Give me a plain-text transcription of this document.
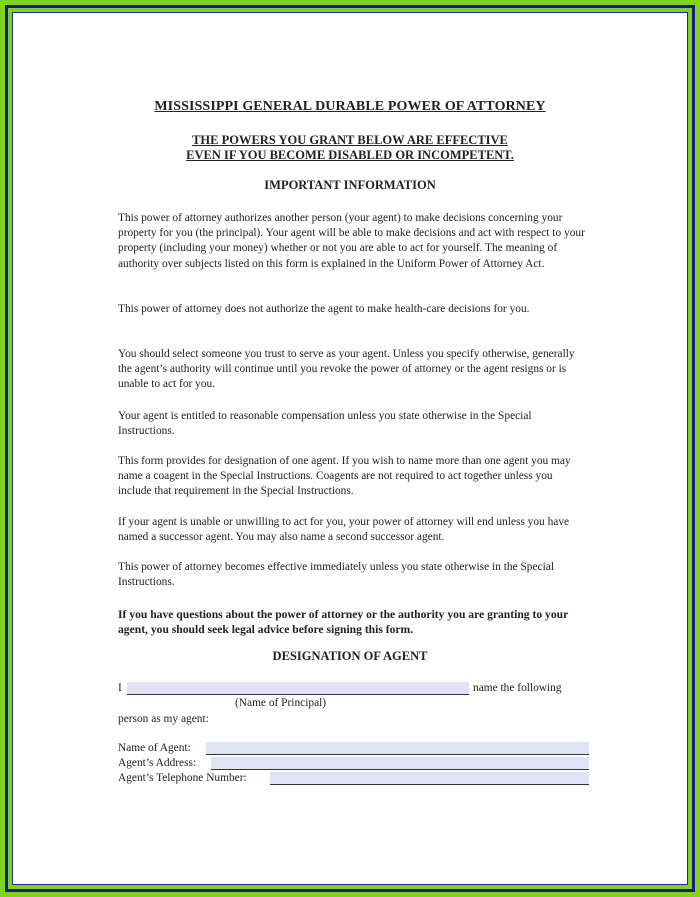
MISSISSIPPI GENERAL DURABLE POWER OF ATTORNEY
THE POWERS YOU GRANT BELOW ARE EFFECTIVE
EVEN IF YOU BECOME DISABLED OR INCOMPETENT.
IMPORTANT INFORMATION

This power of attorney authorizes another person (your agent) to make decisions concerning your property for you (the principal). Your agent will be able to make decisions and act with respect to your property (including your money) whether or not you are able to act for yourself. The meaning of authority over subjects listed on this form is explained in the Uniform Power of Attorney Act.

This power of attorney does not authorize the agent to make health-care decisions for you.

You should select someone you trust to serve as your agent. Unless you specify otherwise, generally the agent’s authority will continue until you revoke the power of attorney or the agent resigns or is unable to act for you.

Your agent is entitled to reasonable compensation unless you state otherwise in the Special Instructions.

This form provides for designation of one agent. If you wish to name more than one agent you may name a coagent in the Special Instructions. Coagents are not required to act together unless you include that requirement in the Special Instructions.

If your agent is unable or unwilling to act for you, your power of attorney will end unless you have named a successor agent. You may also name a second successor agent.

This power of attorney becomes effective immediately unless you state otherwise in the Special Instructions.

If you have questions about the power of attorney or the authority you are granting to your agent, you should seek legal advice before signing this form.

DESIGNATION OF AGENT
I	name the following
(Name of Principal)
person as my agent:
Name of Agent:
Agent’s Address:
Agent’s Telephone Number:
